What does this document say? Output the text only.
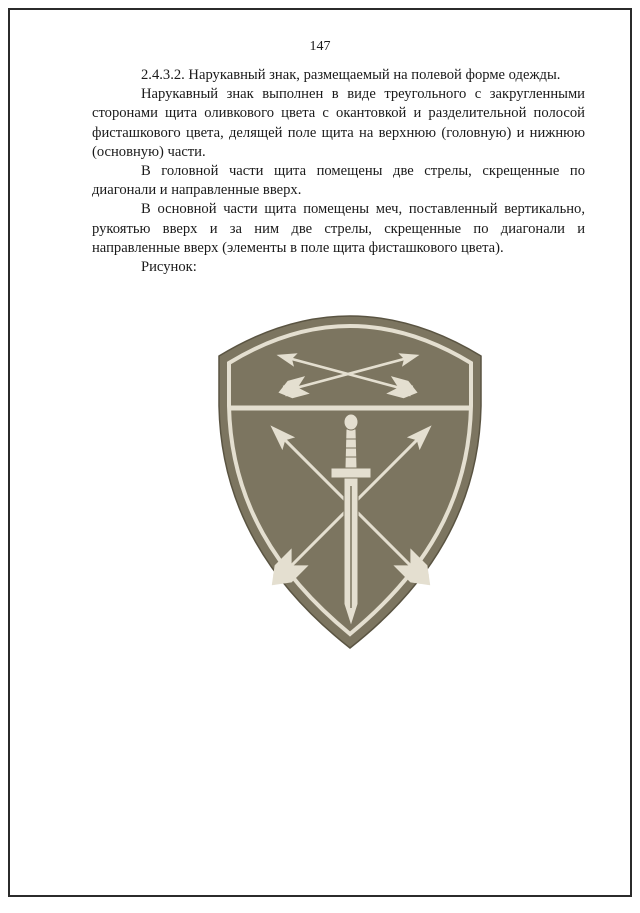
147

2.4.3.2. Нарукавный знак, размещаемый на полевой форме одежды.

Нарукавный знак выполнен в виде треугольного с закругленными сторонами щита оливкового цвета с окантовкой и разделительной полосой фисташкового цвета, делящей поле щита на верхнюю (головную) и нижнюю (основную) части.

В головной части щита помещены две стрелы, скрещенные по диагонали и направленные вверх.

В основной части щита помещены меч, поставленный вертикально, рукоятью вверх и за ним две стрелы, скрещенные по диагонали и направленные вверх (элементы в поле щита фисташкового цвета).

Рисунок:
